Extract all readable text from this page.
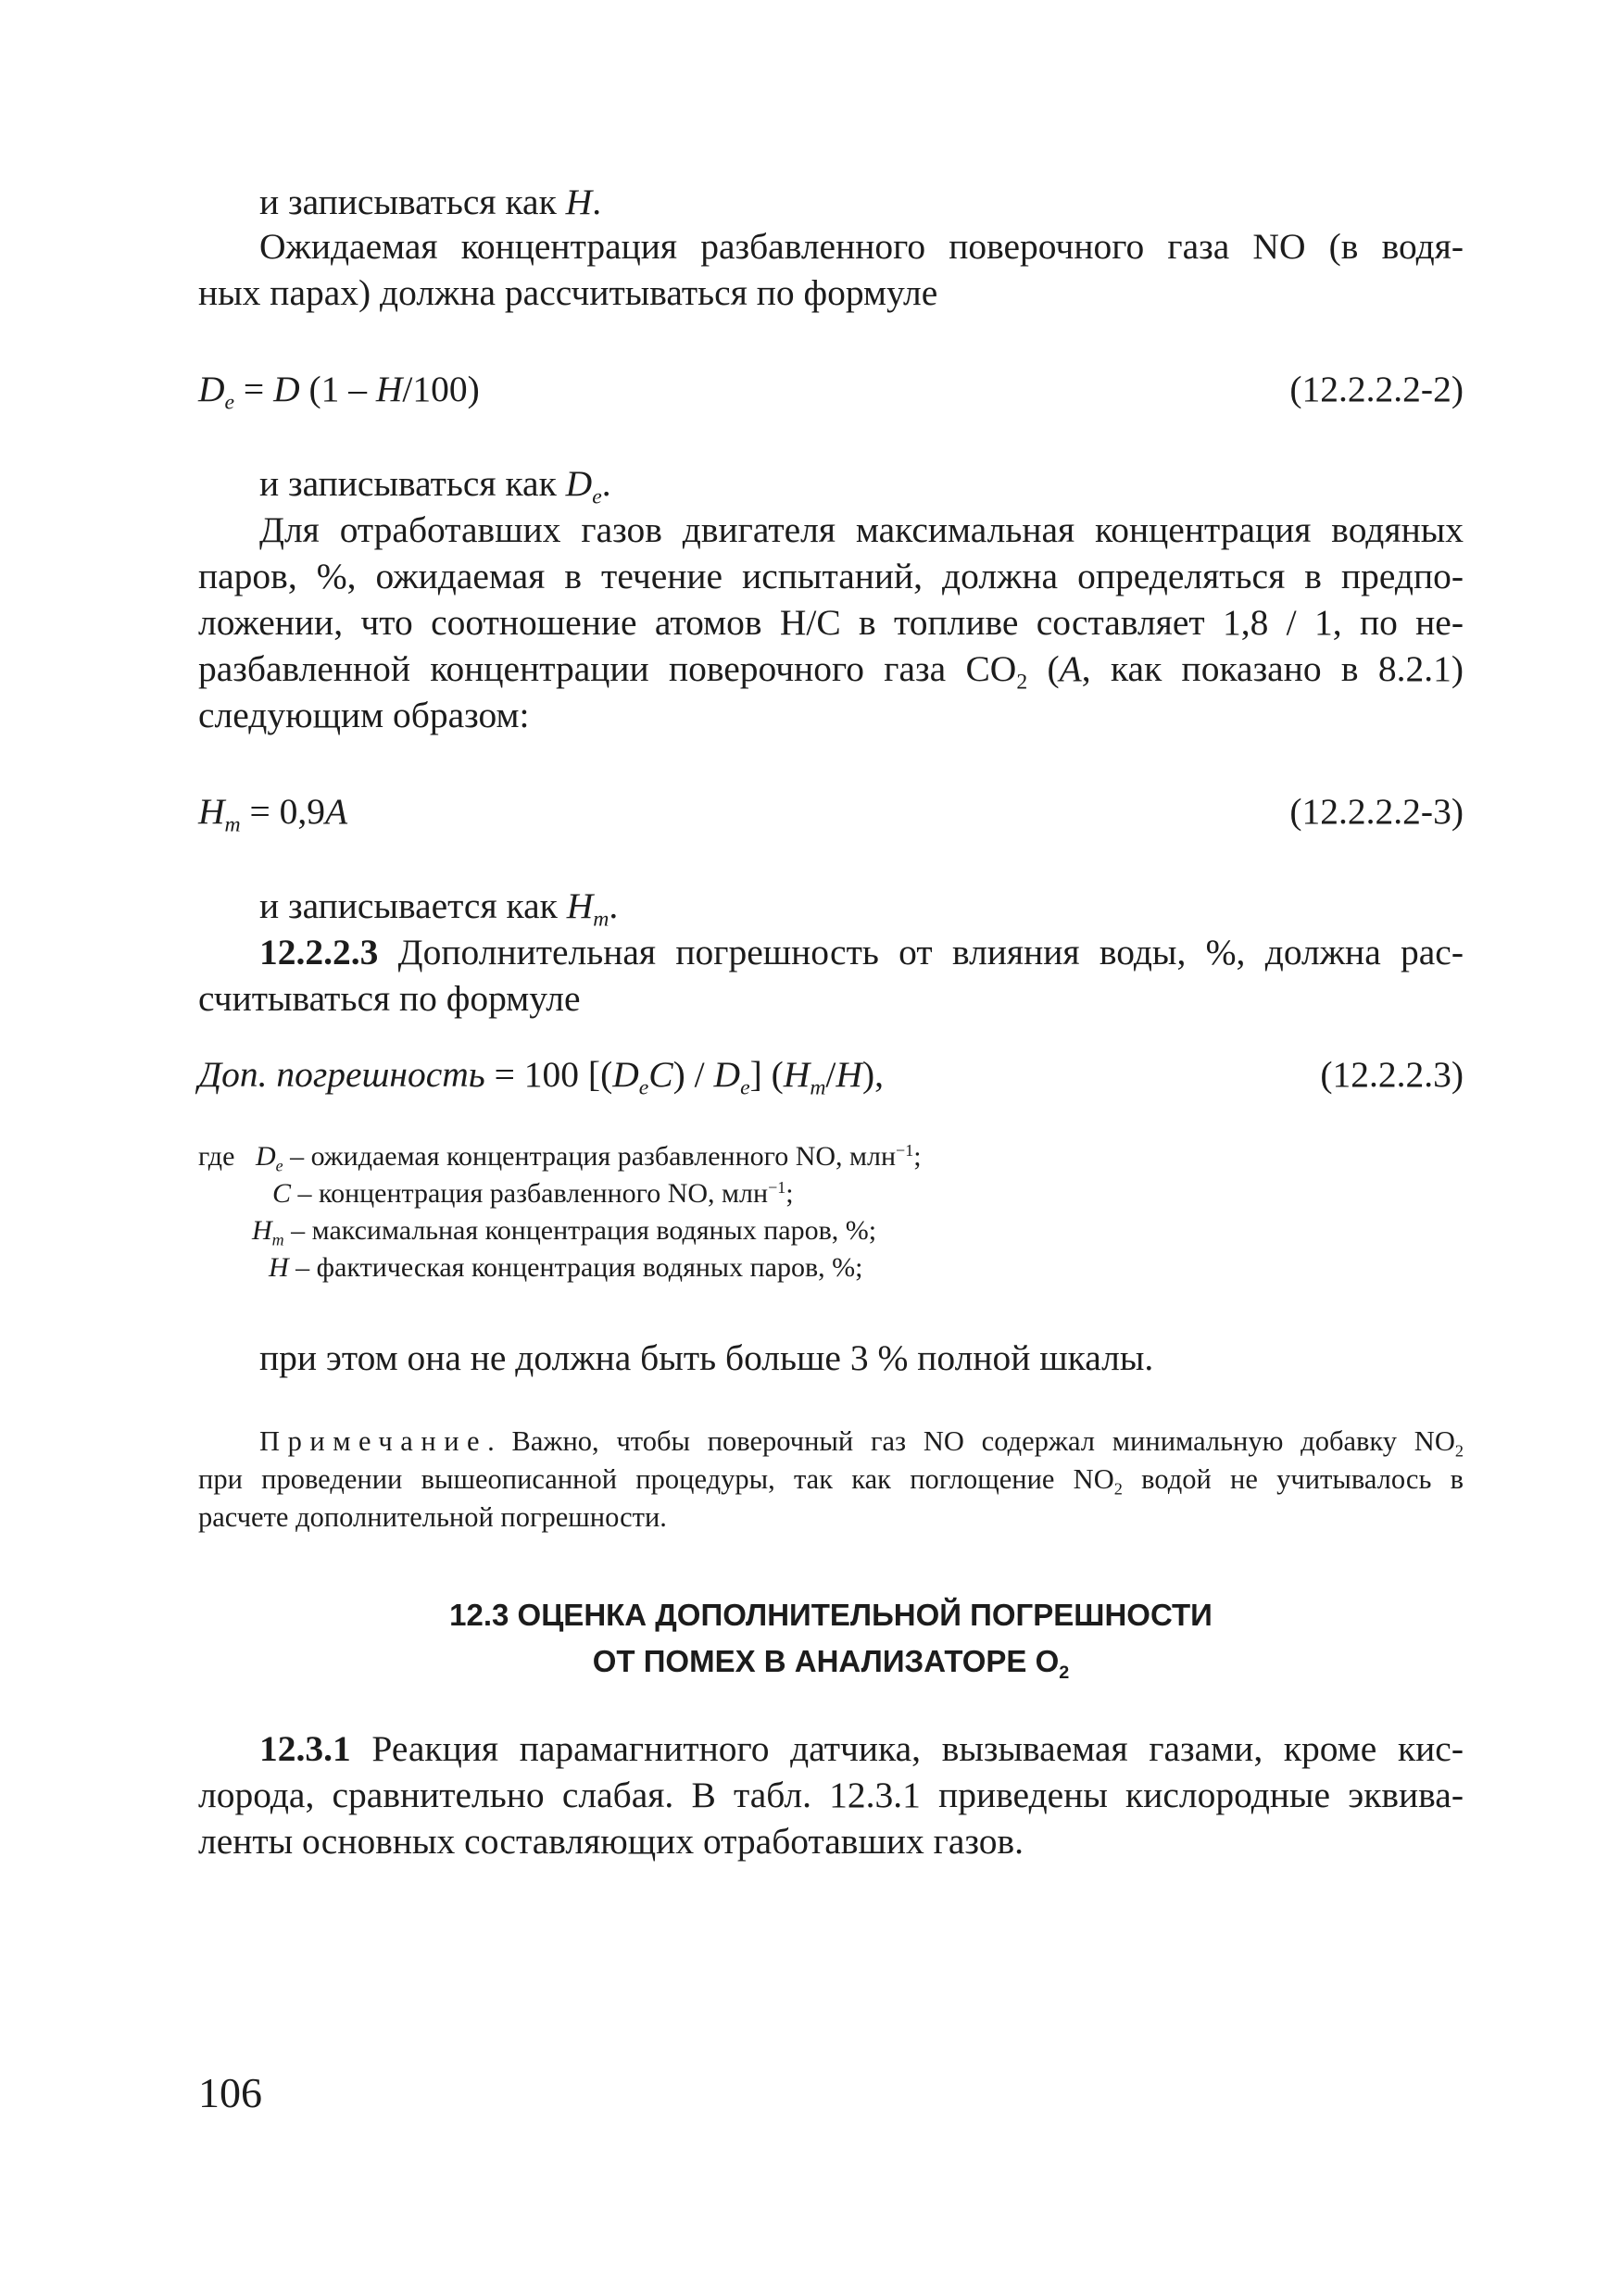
и записываться как H.
Ожидаемая концентрация разбавленного поверочного газа NO (в водя-
ных парах) должна рассчитываться по формуле
$D_e = D$ (1 – H/100)	(12.2.2.2-2)
и записываться как $D_e$.
Для отработавших газов двигателя максимальная концентрация водяных
паров, %, ожидаемая в течение испытаний, должна определяться в предпо-
ложении, что соотношение атомов H/C в топливе составляет 1,8 / 1, по не-
разбавленной концентрации поверочного газа $CO_2$ (A, как показано в 8.2.1)
следующим образом:
$H_m = 0,9A$	(12.2.2.2-3)
и записывается как $H_m$.
12.2.2.3 Дополнительная погрешность от влияния воды, %, должна рас-
считываться по формуле
Доп. погрешность = 100 $[(D_eC) / D_e]$ $(H_m/H)$,	(12.2.2.3)
где $D_e$ – ожидаемая концентрация разбавленного NO, млн$^{-1}$;
C – концентрация разбавленного NO, млн$^{-1}$;
$H_m$ – максимальная концентрация водяных паров, %;
H – фактическая концентрация водяных паров, %;
при этом она не должна быть больше 3 % полной шкалы.
Примечание. Важно, чтобы поверочный газ NO содержал минимальную добавку $NO_2$
при проведении вышеописанной процедуры, так как поглощение $NO_2$ водой не учитывалось в
расчете дополнительной погрешности.
12.3 ОЦЕНКА ДОПОЛНИТЕЛЬНОЙ ПОГРЕШНОСТИ
ОТ ПОМЕХ В АНАЛИЗАТОРЕ $O_2$
12.3.1 Реакция парамагнитного датчика, вызываемая газами, кроме кис-
лорода, сравнительно слабая. В табл. 12.3.1 приведены кислородные эквива-
ленты основных составляющих отработавших газов.
106
